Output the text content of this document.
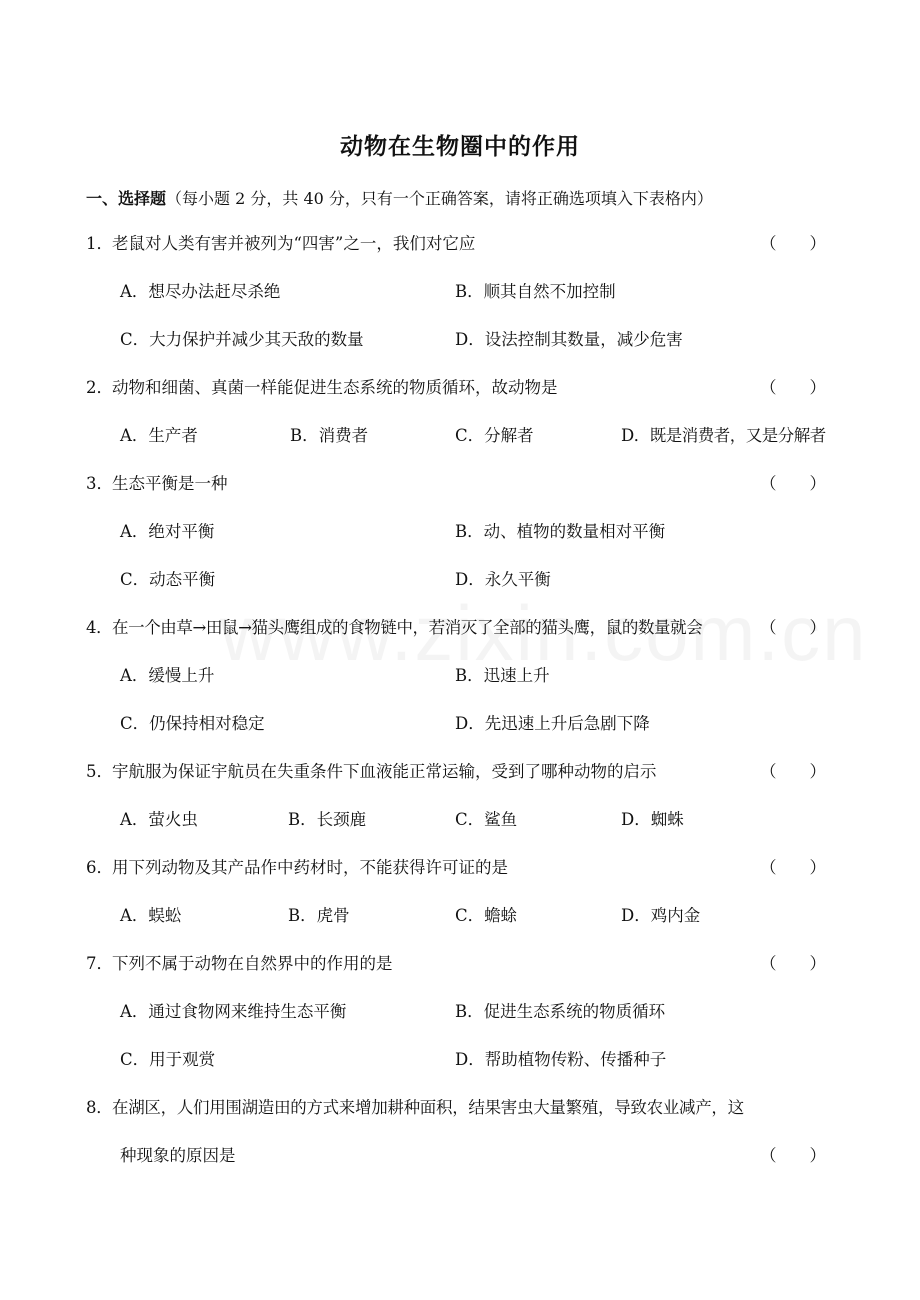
动物在生物圈中的作用
一、选择题（每小题 2 分，共 40 分，只有一个正确答案，请将正确选项填入下表格内）
1．老鼠对人类有害并被列为“四害”之一，我们对它应	（　　）
A．想尽办法赶尽杀绝	B．顺其自然不加控制
C．大力保护并减少其天敌的数量	D．设法控制其数量，减少危害
2．动物和细菌、真菌一样能促进生态系统的物质循环，故动物是	（　　）
A．生产者	B．消费者	C．分解者	D．既是消费者，又是分解者
3．生态平衡是一种	（　　）
A．绝对平衡	B．动、植物的数量相对平衡
C．动态平衡	D．永久平衡
4．在一个由草→田鼠→猫头鹰组成的食物链中，若消灭了全部的猫头鹰，鼠的数量就会	（　　）
A．缓慢上升	B．迅速上升
C．仍保持相对稳定	D．先迅速上升后急剧下降
5．宇航服为保证宇航员在失重条件下血液能正常运输，受到了哪种动物的启示	（　　）
A．萤火虫	B．长颈鹿	C．鲨鱼	D．蜘蛛
6．用下列动物及其产品作中药材时，不能获得许可证的是	（　　）
A．蜈蚣	B．虎骨	C．蟾蜍	D．鸡内金
7．下列不属于动物在自然界中的作用的是	（　　）
A．通过食物网来维持生态平衡	B．促进生态系统的物质循环
C．用于观赏	D．帮助植物传粉、传播种子
8．在湖区，人们用围湖造田的方式来增加耕种面积，结果害虫大量繁殖，导致农业减产，这
种现象的原因是	（　　）
